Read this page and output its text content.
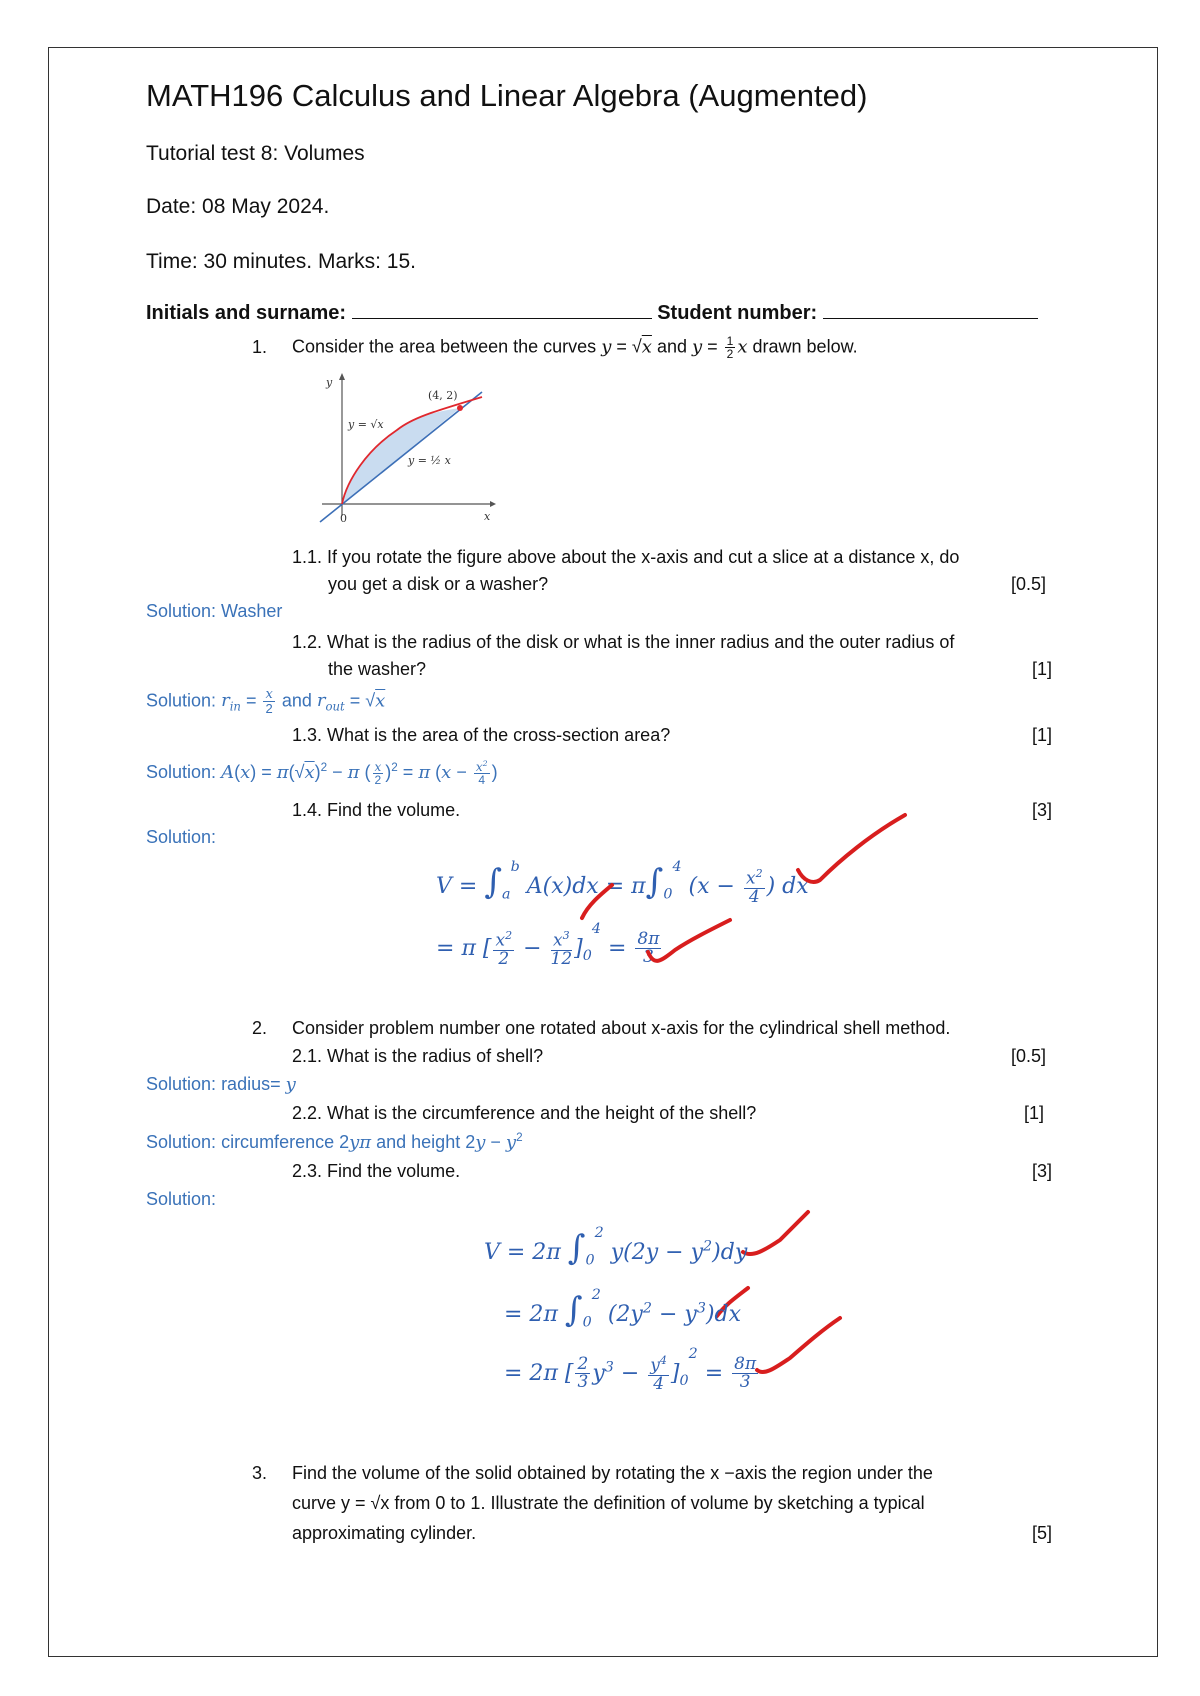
MATH196 Calculus and Linear Algebra (Augmented)
Tutorial test 8: Volumes
Date: 08 May 2024.
Time: 30 minutes. Marks: 15.
Initials and surname:	Student number:
1. Consider the area between the curves y = √x and $y = \frac{1}{2}$ x drawn below.
(4, 2)
y
x
0
y = √x
y = ½ x
1.1. If you rotate the figure above about the x-axis and cut a slice at a distance x, do
you get a disk or a washer?	[0.5]
Solution: Washer
1.2. What is the radius of the disk or what is the inner radius and the outer radius of
the washer?	[1]
Solution: $r_{in} = \frac{x}{2}$ and $r_{out} = √x$
1.3. What is the area of the cross-section area?	[1]
Solution: $A(x) = \pi(√x)^2 - \pi$ ( $\frac{x}{2} )^2 = \pi$ ($x - \frac{x^2}{4}$ )
1.4. Find the volume.	[3]
Solution:
$V = \int_a^b$ $A(x)dx = \pi\int_0^4$ ($x - \frac{x^2}{4}$ ) dx
= π [ $\frac{x^2}{2} - \frac{x^3}{12} ]_0^4 = \frac{8\pi}{3}$
2. Consider problem number one rotated about x-axis for the cylindrical shell method.
2.1. What is the radius of shell?	[0.5]
Solution: radius= y
2.2. What is the circumference and the height of the shell?	[1]
Solution: circumference 2yπ and height $2y - y^2$
2.3. Find the volume.	[3]
Solution:
V = 2π $\int_0^2$ $y(2y - y^2)dy$
= 2π $\int_0^2$ $(2y^2 - y^3)dx$
= 2π [ $\frac{2}{3} y^3 - \frac{y^4}{4} ]_0^2 = \frac{8\pi}{3}$
3. Find the volume of the solid obtained by rotating the x −axis the region under the
curve y = √x from 0 to 1. Illustrate the definition of volume by sketching a typical
approximating cylinder.	[5]
